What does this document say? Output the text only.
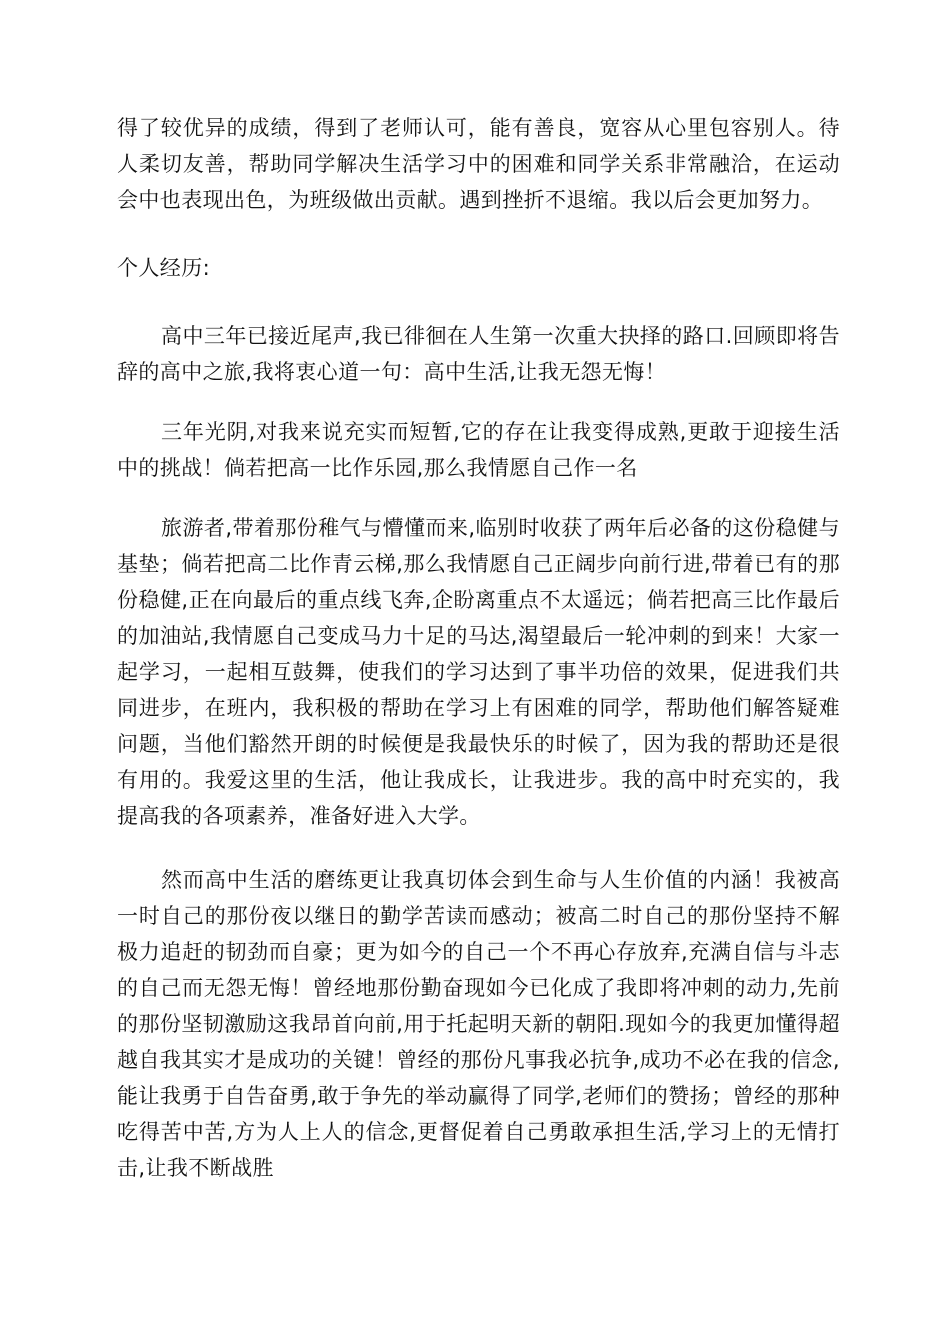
得了较优异的成绩，得到了老师认可，能有善良，宽容从心里包容别人。待人柔切友善，帮助同学解决生活学习中的困难和同学关系非常融洽，在运动会中也表现出色，为班级做出贡献。遇到挫折不退缩。我以后会更加努力。

个人经历:

高中三年已接近尾声,我已徘徊在人生第一次重大抉择的路口.回顾即将告辞的高中之旅,我将衷心道一句：高中生活,让我无怨无悔！

三年光阴,对我来说充实而短暂,它的存在让我变得成熟,更敢于迎接生活中的挑战！倘若把高一比作乐园,那么我情愿自己作一名

旅游者,带着那份稚气与懵懂而来,临别时收获了两年后必备的这份稳健与基垫；倘若把高二比作青云梯,那么我情愿自己正阔步向前行进,带着已有的那份稳健,正在向最后的重点线飞奔,企盼离重点不太遥远；倘若把高三比作最后的加油站,我情愿自己变成马力十足的马达,渴望最后一轮冲刺的到来！大家一起学习，一起相互鼓舞，使我们的学习达到了事半功倍的效果，促进我们共同进步，在班内，我积极的帮助在学习上有困难的同学，帮助他们解答疑难问题，当他们豁然开朗的时候便是我最快乐的时候了，因为我的帮助还是很有用的。我爱这里的生活，他让我成长，让我进步。我的高中时充实的，我提高我的各项素养，准备好进入大学。

然而高中生活的磨练更让我真切体会到生命与人生价值的内涵！我被高一时自己的那份夜以继日的勤学苦读而感动；被高二时自己的那份坚持不解极力追赶的韧劲而自豪；更为如今的自己一个不再心存放弃,充满自信与斗志的自己而无怨无悔！曾经地那份勤奋现如今已化成了我即将冲刺的动力,先前的那份坚韧激励这我昂首向前,用于托起明天新的朝阳.现如今的我更加懂得超越自我其实才是成功的关键！曾经的那份凡事我必抗争,成功不必在我的信念,能让我勇于自告奋勇,敢于争先的举动赢得了同学,老师们的赞扬；曾经的那种吃得苦中苦,方为人上人的信念,更督促着自己勇敢承担生活,学习上的无情打击,让我不断战胜
